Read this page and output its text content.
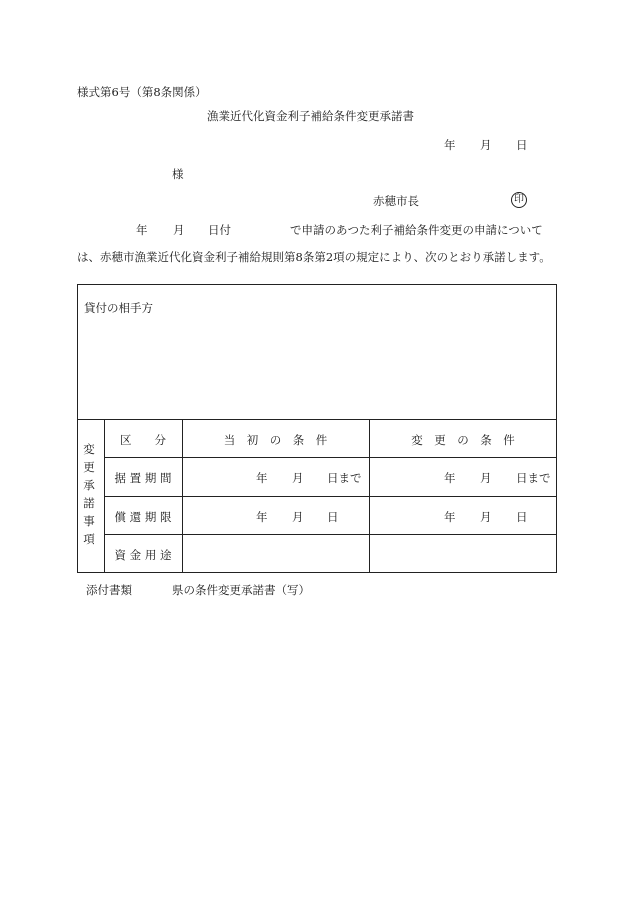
様式第6号（第8条関係）
漁業近代化資金利子補給条件変更承諾書
年 月 日
様
赤穂市長	印
年 月 日付	で申請のあつた利子補給条件変更の申請について
は、赤穂市漁業近代化資金利子補給規則第8条第2項の規定により、次のとおり承諾します。
貸付の相手方
変
更
承
諾
事
項
区　　分	当　初　の　条　件	変　更　の　条　件
据 置 期 間	年 月 日まで	年 月 日まで
償 還 期 限	年 月 日	年 月 日
資 金 用 途
添付書類	県の条件変更承諾書（写）
